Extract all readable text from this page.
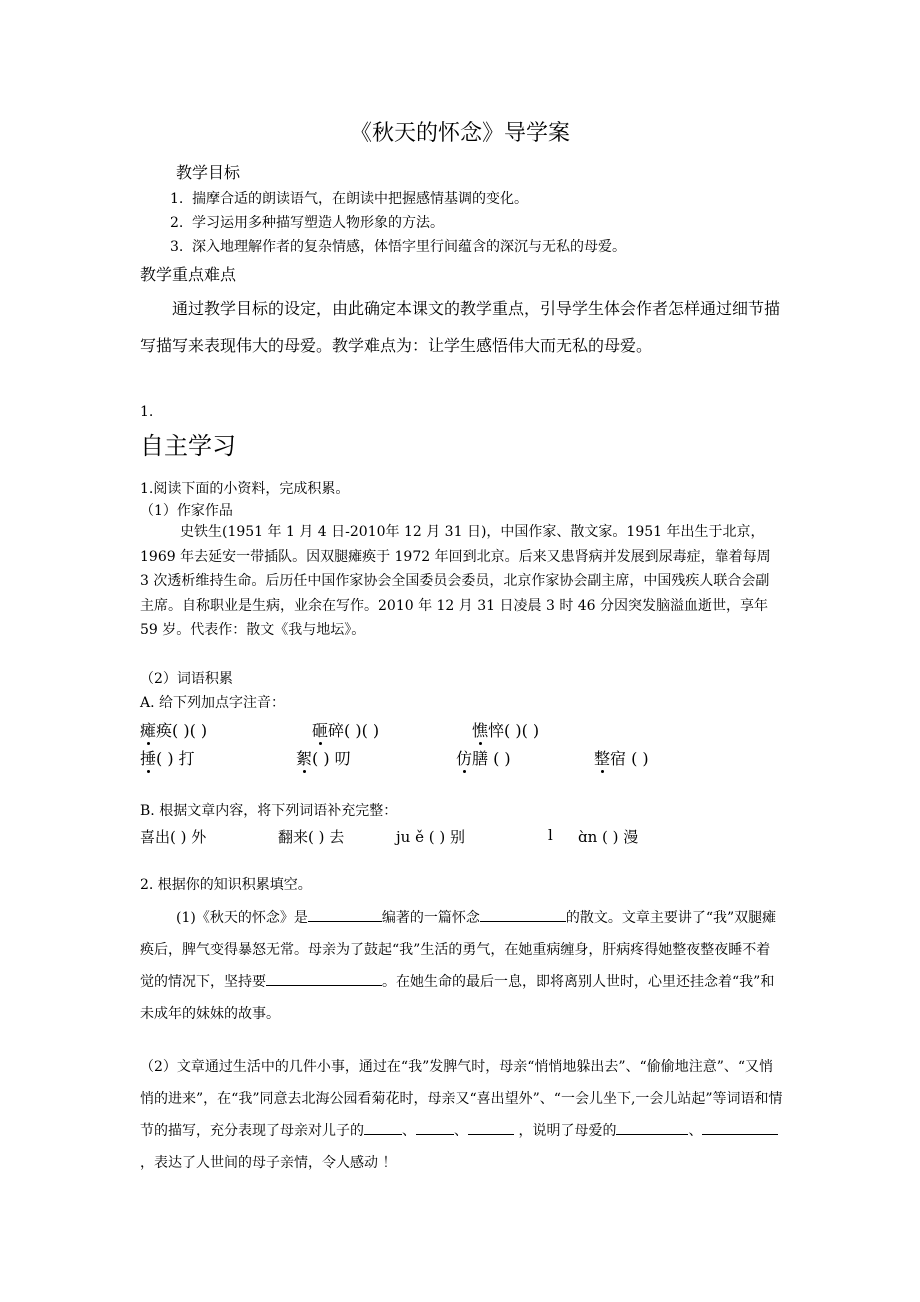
《秋天的怀念》导学案
教学目标
1. 揣摩合适的朗读语气，在朗读中把握感情基调的变化。
2. 学习运用多种描写塑造人物形象的方法。
3. 深入地理解作者的复杂情感，体悟字里行间蕴含的深沉与无私的母爱。
教学重点难点

通过教学目标的设定，由此确定本课文的教学重点，引导学生体会作者怎样通过细节描写描写来表现伟大的母爱。教学难点为：让学生感悟伟大而无私的母爱。

1.
自主学习
1.阅读下面的小资料，完成积累。
（1）作家作品

史铁生(1951 年 1 月 4 日-2010年 12 月 31 日)，中国作家、散文家。1951 年出生于北京，1969 年去延安一带插队。因双腿瘫痪于 1972 年回到北京。后来又患肾病并发展到尿毒症，靠着每周 3 次透析维持生命。后历任中国作家协会全国委员会委员，北京作家协会副主席，中国残疾人联合会副主席。自称职业是生病，业余在写作。2010 年 12 月 31 日凌晨 3 时 46 分因突发脑溢血逝世，享年 59 岁。代表作：散文《我与地坛》。

（2）词语积累
A. 给下列加点字注音：
瘫痪( )( )	砸碎( )( )	憔悴( )( )
捶( ) 打	絮( ) 叨	仿膳 ( )	整宿 ( )
B. 根据文章内容，将下列词语补充完整：
喜出( ) 外	翻来( ) 去	ju ě ( ) 别	l ɑ̀n ( ) 漫
2. 根据你的知识积累填空。

(1)《秋天的怀念》是	编著的一篇怀念	的散文。文章主要讲了“我”双腿瘫痪后，脾气变得暴怒无常。母亲为了鼓起“我”生活的勇气，在她重病缠身，肝病疼得她整夜整夜睡不着觉的情况下，坚持要	。在她生命的最后一息，即将离别人世时，心里还挂念着“我”和未成年的妹妹的故事。

（2）文章通过生活中的几件小事，通过在“我”发脾气时，母亲“悄悄地躲出去”、“偷偷地注意”、“又悄悄的进来”，在“我”同意去北海公园看菊花时，母亲又“喜出望外”、“一会儿坐下,一会儿站起”等词语和情节的描写，充分表现了母亲对儿子的	、	、	，说明了母爱的	、，表达了人世间的母子亲情，令人感动 ！
